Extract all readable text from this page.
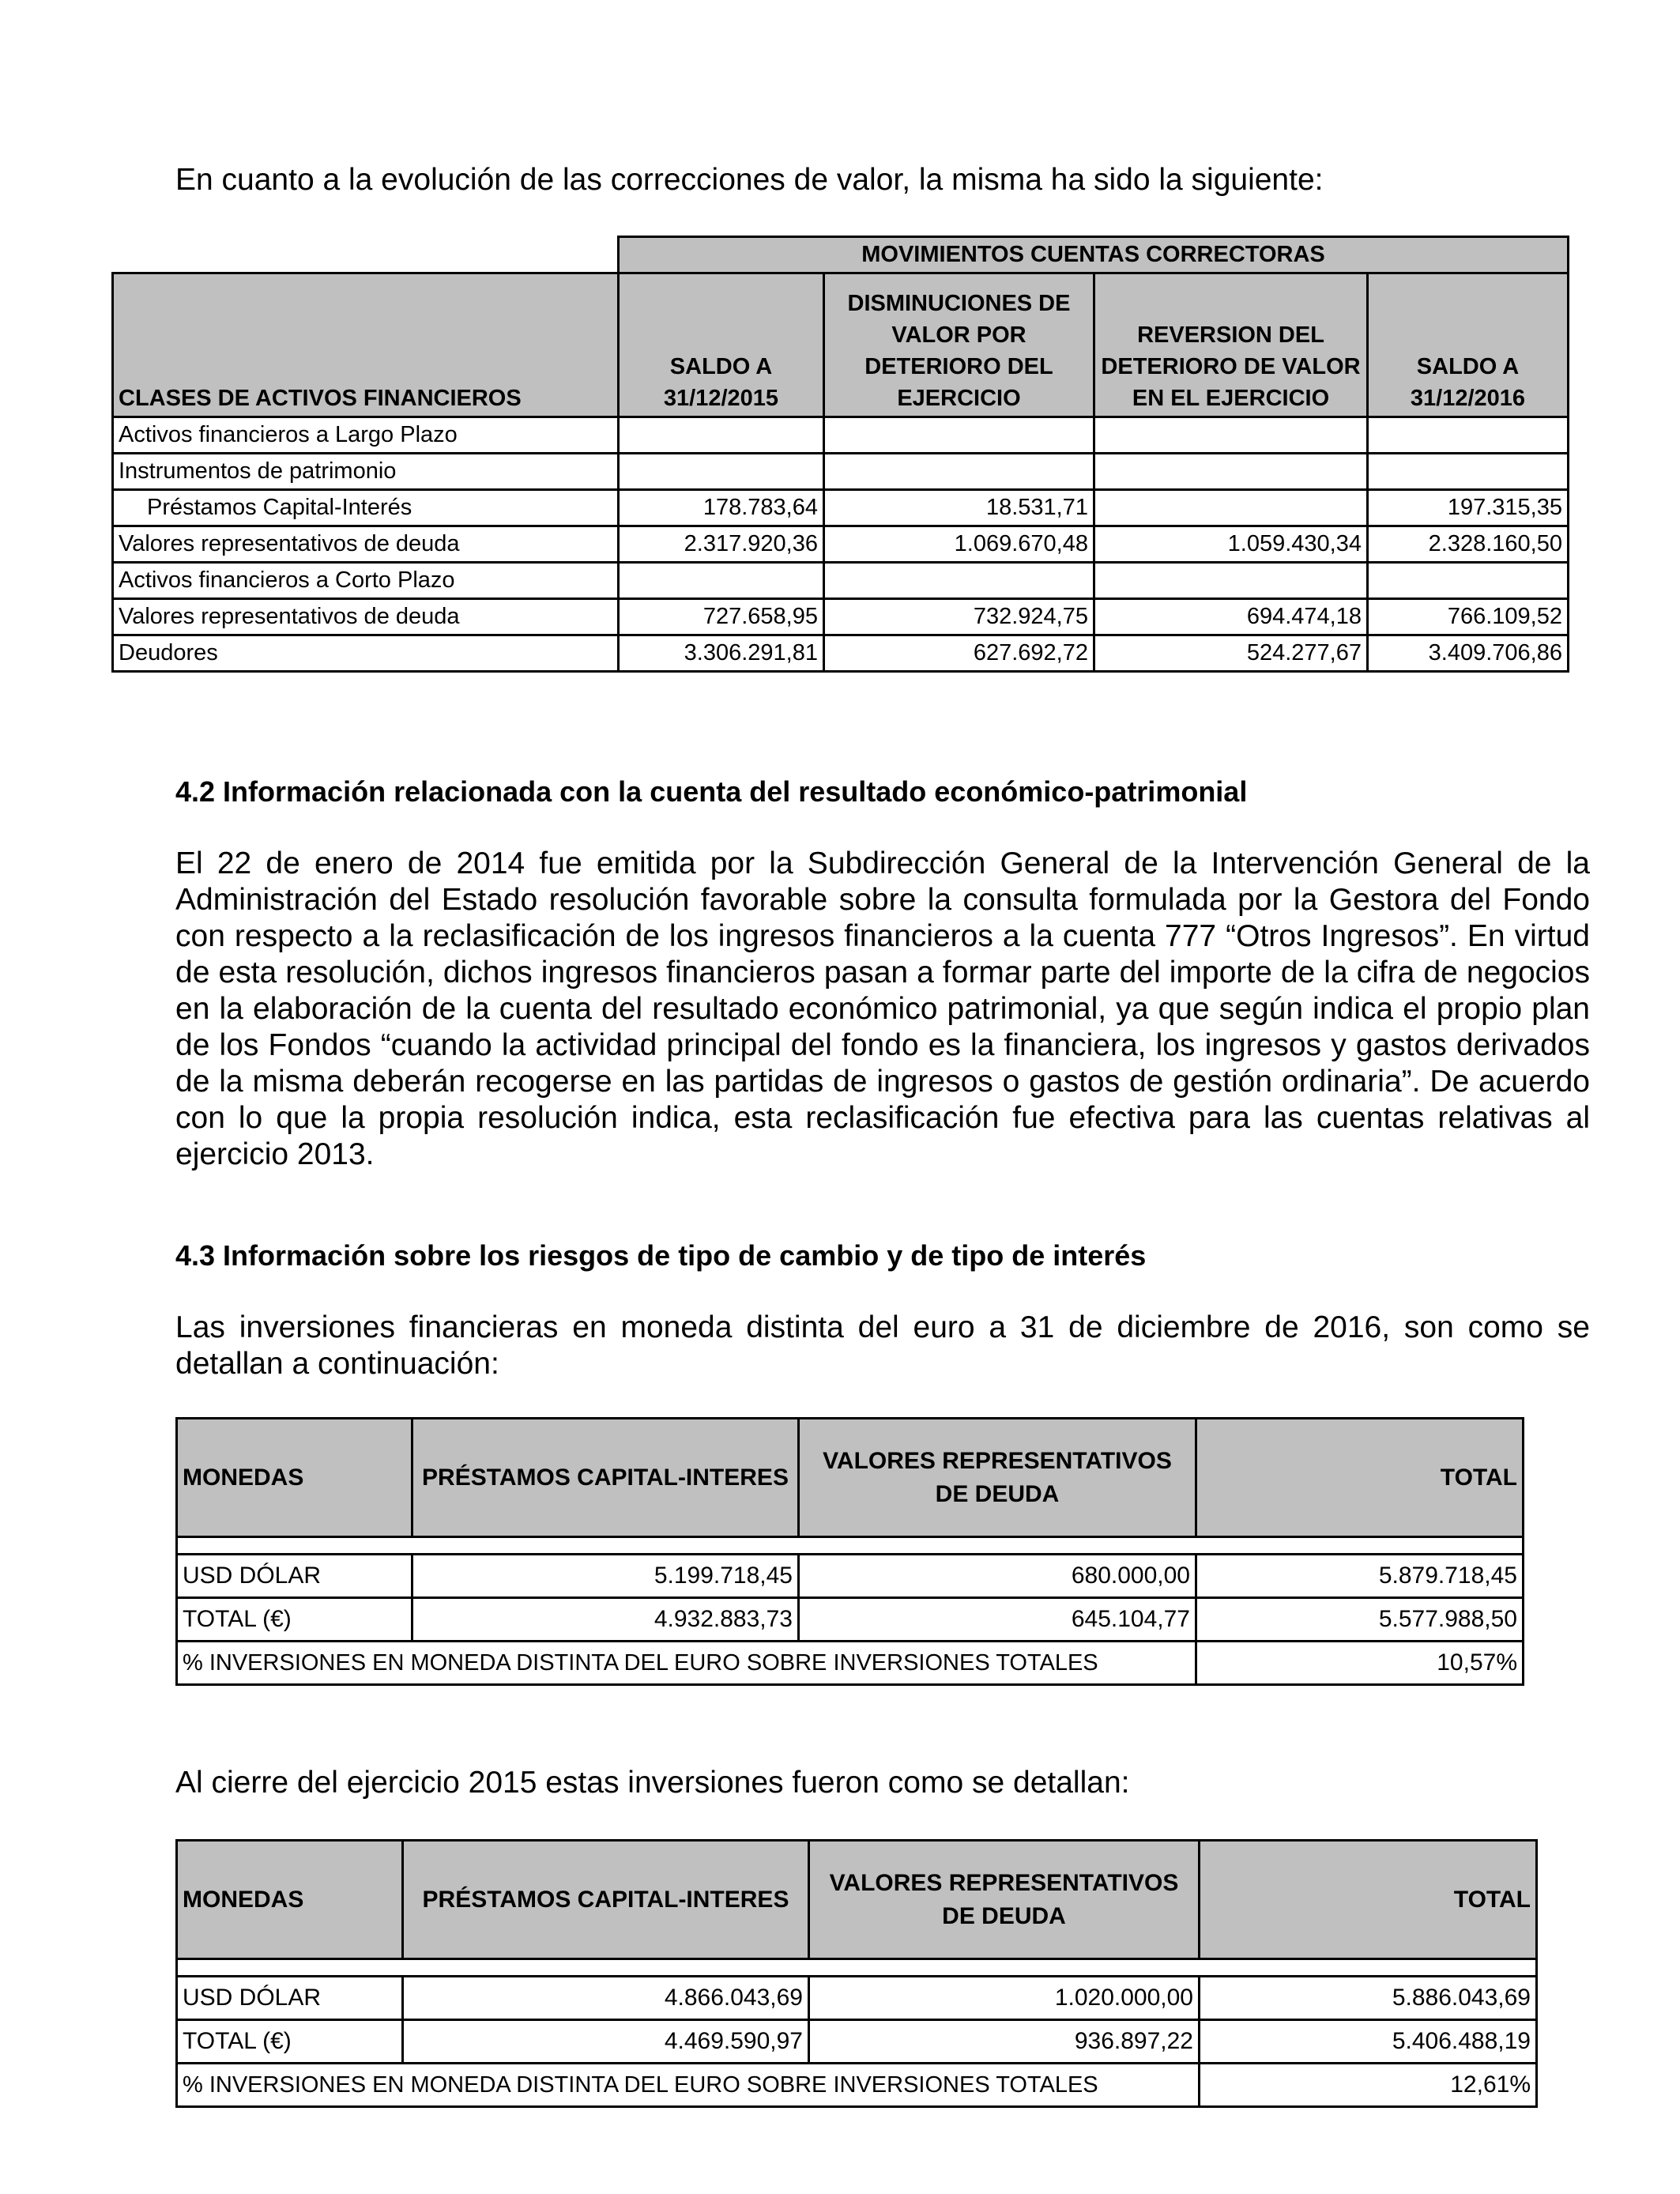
En cuanto a la evolución de las correcciones de valor, la misma ha sido la siguiente:
	MOVIMIENTOS CUENTAS CORRECTORAS			
CLASES DE ACTIVOS FINANCIEROS	SALDO A 31/12/2015	DISMINUCIONES DE VALOR POR DETERIORO DEL EJERCICIO	REVERSION DEL DETERIORO DE VALOR EN EL EJERCICIO	SALDO A 31/12/2016
Activos financieros a Largo Plazo				
Instrumentos de patrimonio				
Préstamos Capital-Interés	178.783,64	18.531,71		197.315,35
Valores representativos de deuda	2.317.920,36	1.069.670,48	1.059.430,34	2.328.160,50
Activos financieros a Corto Plazo				
Valores representativos de deuda	727.658,95	732.924,75	694.474,18	766.109,52
Deudores	3.306.291,81	627.692,72	524.277,67	3.409.706,86
4.2 Información relacionada con la cuenta del resultado económico-patrimonial
El 22 de enero de 2014 fue emitida por la Subdirección General de la Intervención General de la Administración del Estado resolución favorable sobre la consulta formulada por la Gestora del Fondo con respecto a la reclasificación de los ingresos financieros a la cuenta 777 “Otros Ingresos”. En virtud de esta resolución, dichos ingresos financieros pasan a formar parte del importe de la cifra de negocios en la elaboración de la cuenta del resultado económico patrimonial, ya que según indica el propio plan de los Fondos “cuando la actividad principal del fondo es la financiera, los ingresos y gastos derivados de la misma deberán recogerse en las partidas de ingresos o gastos de gestión ordinaria”. De acuerdo con lo que la propia resolución indica, esta reclasificación fue efectiva para las cuentas relativas al ejercicio 2013.
4.3 Información sobre los riesgos de tipo de cambio y de tipo de interés
Las inversiones financieras en moneda distinta del euro a 31 de diciembre de 2016, son como se detallan a continuación:
MONEDAS	PRÉSTAMOS CAPITAL-INTERES	VALORES REPRESENTATIVOS DE DEUDA	TOTAL

USD DÓLAR	5.199.718,45	680.000,00	5.879.718,45
TOTAL (€)	4.932.883,73	645.104,77	5.577.988,50
% INVERSIONES EN MONEDA DISTINTA DEL EURO SOBRE INVERSIONES TOTALES			10,57%
Al cierre del ejercicio 2015 estas inversiones fueron como se detallan:
MONEDAS	PRÉSTAMOS CAPITAL-INTERES	VALORES REPRESENTATIVOS DE DEUDA	TOTAL

USD DÓLAR	4.866.043,69	1.020.000,00	5.886.043,69
TOTAL (€)	4.469.590,97	936.897,22	5.406.488,19
% INVERSIONES EN MONEDA DISTINTA DEL EURO SOBRE INVERSIONES TOTALES			12,61%
